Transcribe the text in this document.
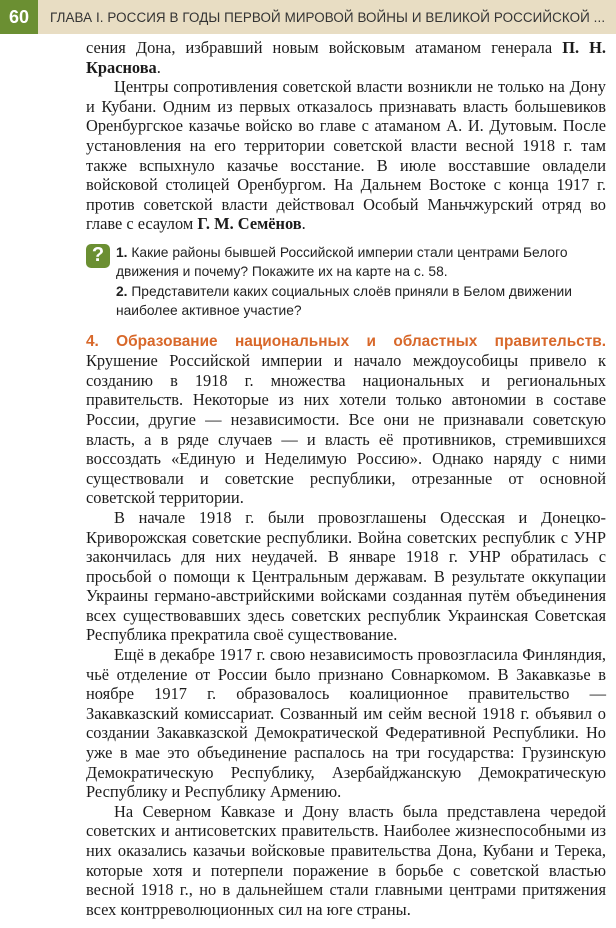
60	ГЛАВА I. РОССИЯ В ГОДЫ ПЕРВОЙ МИРОВОЙ ВОЙНЫ И ВЕЛИКОЙ РОССИЙСКОЙ ...

сения Дона, избравший новым войсковым атаманом генерала П. Н. Краснова.

Центры сопротивления советской власти возникли не только на Дону и Кубани. Одним из первых отказалось признавать власть большевиков Оренбургское казачье войско во главе с атаманом А. И. Дутовым. После установления на его территории советской власти весной 1918 г. там также вспыхнуло казачье восстание. В июле восставшие овладели войсковой столицей Оренбургом. На Дальнем Востоке с конца 1917 г. против советской власти действовал Особый Маньчжурский отряд во главе с есаулом Г. М. Семёнов.

? 1. Какие районы бывшей Российской империи стали центрами Белого движения и почему? Покажите их на карте на с. 58.

2. Представители каких социальных слоёв приняли в Белом движении наиболее активное участие?

4. Образование национальных и областных правительств. Крушение Российской империи и начало междоусобицы привело к созданию в 1918 г. множества национальных и региональных правительств. Некоторые из них хотели только автономии в составе России, другие — независимости. Все они не признавали советскую власть, а в ряде случаев — и власть её противников, стремившихся воссоздать «Единую и Неделимую Россию». Однако наряду с ними существовали и советские республики, отрезанные от основной советской территории.

В начале 1918 г. были провозглашены Одесская и Донецко-Криворожская советские республики. Война советских республик с УНР закончилась для них неудачей. В январе 1918 г. УНР обратилась с просьбой о помощи к Центральным державам. В результате оккупации Украины германо-австрийскими войсками созданная путём объединения всех существовавших здесь советских республик Украинская Советская Республика прекратила своё существование.

Ещё в декабре 1917 г. свою независимость провозгласила Финляндия, чьё отделение от России было признано Совнаркомом. В Закавказье в ноябре 1917 г. образовалось коалиционное правительство — Закавказский комиссариат. Созванный им сейм весной 1918 г. объявил о создании Закавказской Демократической Федеративной Республики. Но уже в мае это объединение распалось на три государства: Грузинскую Демократическую Республику, Азербайджанскую Демократическую Республику и Республику Армению.

На Северном Кавказе и Дону власть была представлена чередой советских и антисоветских правительств. Наиболее жизнеспособными из них оказались казачьи войсковые правительства Дона, Кубани и Терека, которые хотя и потерпели поражение в борьбе с советской властью весной 1918 г., но в дальнейшем стали главными центрами притяжения всех контрреволюционных сил на юге страны.
